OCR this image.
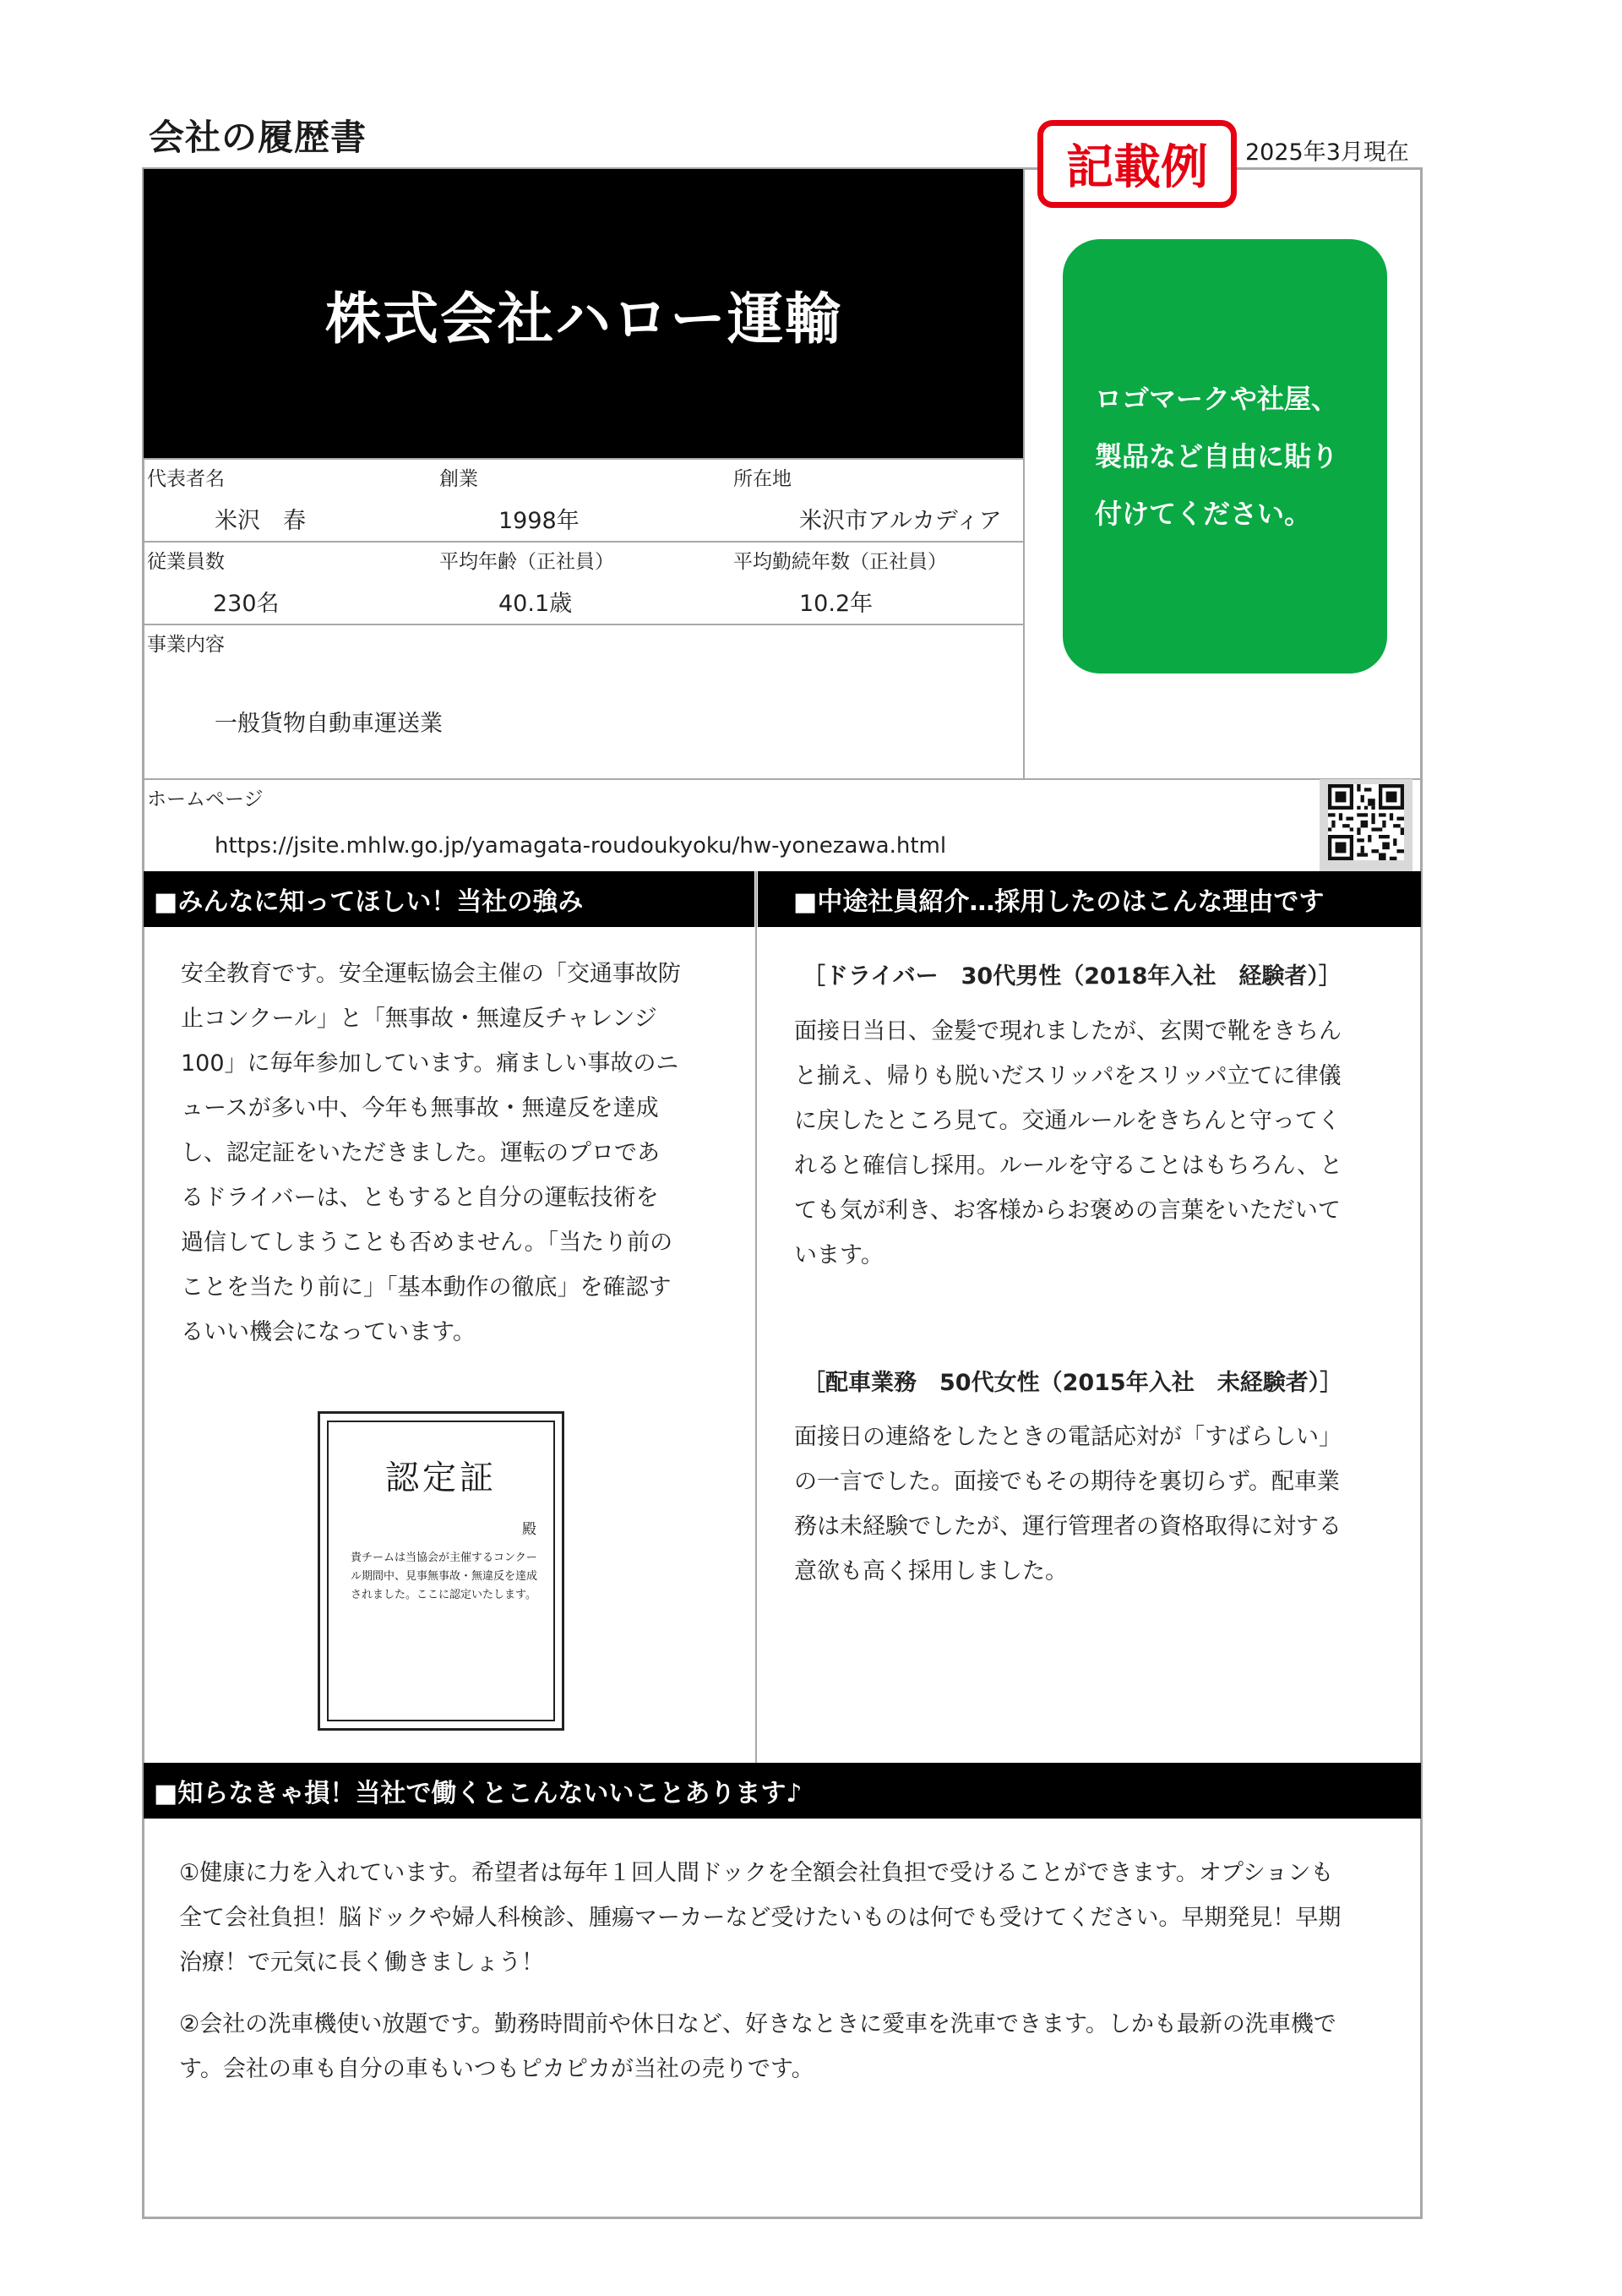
会社の履歴書
記載例	2025年3月現在
株式会社ハロー運輸
代表者名
米沢　春
創業
1998年
所在地
米沢市アルカディア
従業員数
230名
平均年齢（正社員）
40.1歳
平均勤続年数（正社員）
10.2年
事業内容
一般貨物自動車運送業
ロゴマークや社屋、製品など自由に貼り付けてください。
ホームページ
https://jsite.mhlw.go.jp/yamagata-roudoukyoku/hw-yonezawa.html
■みんなに知ってほしい！当社の強み	■中途社員紹介…採用したのはこんな理由です
安全教育です。安全運転協会主催の「交通事故防止コンクール」と「無事故・無違反チャレンジ100」に毎年参加しています。痛ましい事故のニュースが多い中、今年も無事故・無違反を達成し、認定証をいただきました。運転のプロであるドライバーは、ともすると自分の運転技術を過信してしまうことも否めません。「当たり前のことを当たり前に」「基本動作の徹底」を確認するいい機会になっています。
認定証
殿
貴チームは当協会が主催するコンクール期間中、見事無事故・無違反を達成されました。ここに認定いたします。
［ドライバー　30代男性（2018年入社　経験者）］
面接日当日、金髪で現れましたが、玄関で靴をきちんと揃え、帰りも脱いだスリッパをスリッパ立てに律儀に戻したところ見て。交通ルールをきちんと守ってくれると確信し採用。ルールを守ることはもちろん、とても気が利き、お客様からお褒めの言葉をいただいています。
［配車業務　50代女性（2015年入社　未経験者）］
面接日の連絡をしたときの電話応対が「すばらしい」の一言でした。面接でもその期待を裏切らず。配車業務は未経験でしたが、運行管理者の資格取得に対する意欲も高く採用しました。
■知らなきゃ損！当社で働くとこんないいことあります♪
①健康に力を入れています。希望者は毎年１回人間ドックを全額会社負担で受けることができます。オプションも全て会社負担！脳ドックや婦人科検診、腫瘍マーカーなど受けたいものは何でも受けてください。早期発見！早期治療！で元気に長く働きましょう！
②会社の洗車機使い放題です。勤務時間前や休日など、好きなときに愛車を洗車できます。しかも最新の洗車機です。会社の車も自分の車もいつもピカピカが当社の売りです。
